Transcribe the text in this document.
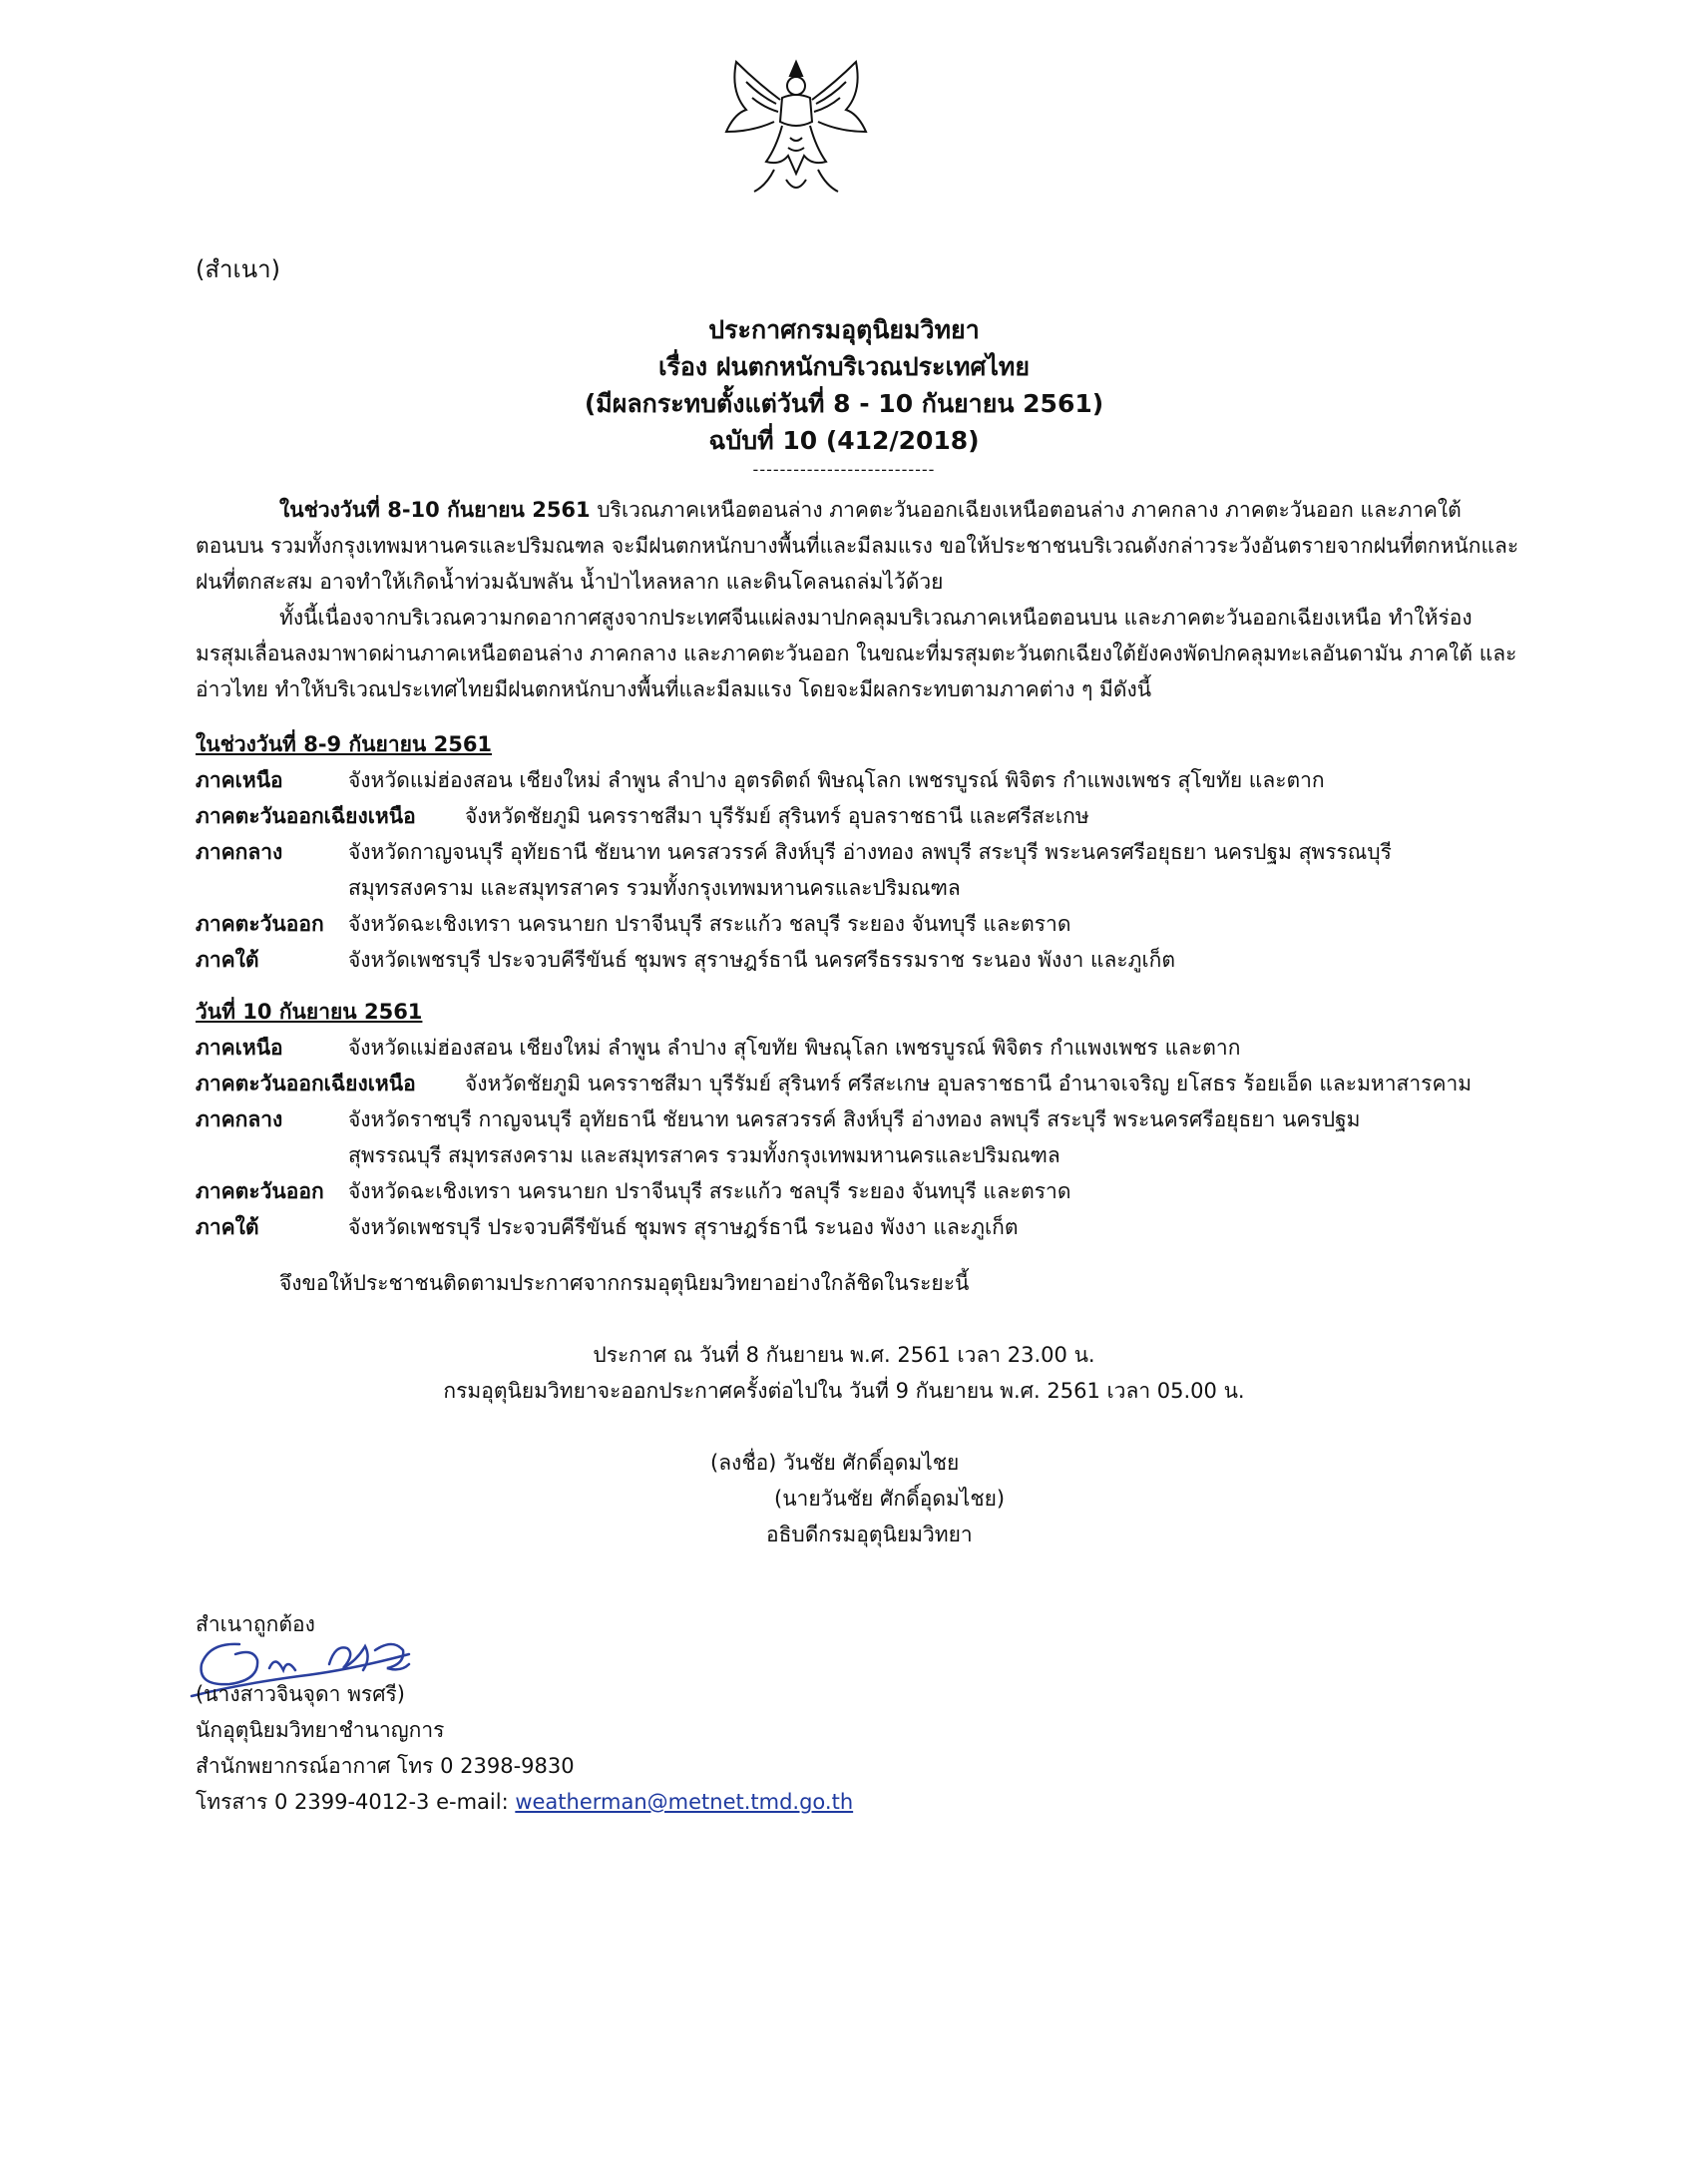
(สำเนา)
ประกาศกรมอุตุนิยมวิทยา
เรื่อง ฝนตกหนักบริเวณประเทศไทย
(มีผลกระทบตั้งแต่วันที่ 8 - 10 กันยายน 2561)
ฉบับที่ 10 (412/2018)
---------------------------
ในช่วงวันที่ 8-10 กันยายน 2561 บริเวณภาคเหนือตอนล่าง ภาคตะวันออกเฉียงเหนือตอนล่าง ภาคกลาง ภาคตะวันออก และภาคใต้
ตอนบน รวมทั้งกรุงเทพมหานครและปริมณฑล จะมีฝนตกหนักบางพื้นที่และมีลมแรง ขอให้ประชาชนบริเวณดังกล่าวระวังอันตรายจากฝนที่ตกหนักและ
ฝนที่ตกสะสม อาจทำให้เกิดน้ำท่วมฉับพลัน น้ำป่าไหลหลาก และดินโคลนถล่มไว้ด้วย
ทั้งนี้เนื่องจากบริเวณความกดอากาศสูงจากประเทศจีนแผ่ลงมาปกคลุมบริเวณภาคเหนือตอนบน และภาคตะวันออกเฉียงเหนือ ทำให้ร่อง
มรสุมเลื่อนลงมาพาดผ่านภาคเหนือตอนล่าง ภาคกลาง และภาคตะวันออก ในขณะที่มรสุมตะวันตกเฉียงใต้ยังคงพัดปกคลุมทะเลอันดามัน ภาคใต้ และ
อ่าวไทย ทำให้บริเวณประเทศไทยมีฝนตกหนักบางพื้นที่และมีลมแรง โดยจะมีผลกระทบตามภาคต่าง ๆ มีดังนี้
ในช่วงวันที่ 8-9 กันยายน 2561
ภาคเหนือ	จังหวัดแม่ฮ่องสอน เชียงใหม่ ลำพูน ลำปาง อุตรดิตถ์ พิษณุโลก เพชรบูรณ์ พิจิตร กำแพงเพชร สุโขทัย และตาก
ภาคตะวันออกเฉียงเหนือ จังหวัดชัยภูมิ นครราชสีมา บุรีรัมย์ สุรินทร์ อุบลราชธานี และศรีสะเกษ
ภาคกลาง	จังหวัดกาญจนบุรี อุทัยธานี ชัยนาท นครสวรรค์ สิงห์บุรี อ่างทอง ลพบุรี สระบุรี พระนครศรีอยุธยา นครปฐม สุพรรณบุรี
สมุทรสงคราม และสมุทรสาคร รวมทั้งกรุงเทพมหานครและปริมณฑล
ภาคตะวันออก จังหวัดฉะเชิงเทรา นครนายก ปราจีนบุรี สระแก้ว ชลบุรี ระยอง จันทบุรี และตราด
ภาคใต้	จังหวัดเพชรบุรี ประจวบคีรีขันธ์ ชุมพร สุราษฎร์ธานี นครศรีธรรมราช ระนอง พังงา และภูเก็ต
วันที่ 10 กันยายน 2561
ภาคเหนือ	จังหวัดแม่ฮ่องสอน เชียงใหม่ ลำพูน ลำปาง สุโขทัย พิษณุโลก เพชรบูรณ์ พิจิตร กำแพงเพชร และตาก
ภาคตะวันออกเฉียงเหนือ จังหวัดชัยภูมิ นครราชสีมา บุรีรัมย์ สุรินทร์ ศรีสะเกษ อุบลราชธานี อำนาจเจริญ ยโสธร ร้อยเอ็ด และมหาสารคาม
ภาคกลาง	จังหวัดราชบุรี กาญจนบุรี อุทัยธานี ชัยนาท นครสวรรค์ สิงห์บุรี อ่างทอง ลพบุรี สระบุรี พระนครศรีอยุธยา นครปฐม
สุพรรณบุรี สมุทรสงคราม และสมุทรสาคร รวมทั้งกรุงเทพมหานครและปริมณฑล
ภาคตะวันออก จังหวัดฉะเชิงเทรา นครนายก ปราจีนบุรี สระแก้ว ชลบุรี ระยอง จันทบุรี และตราด
ภาคใต้	จังหวัดเพชรบุรี ประจวบคีรีขันธ์ ชุมพร สุราษฎร์ธานี ระนอง พังงา และภูเก็ต
จึงขอให้ประชาชนติดตามประกาศจากกรมอุตุนิยมวิทยาอย่างใกล้ชิดในระยะนี้
ประกาศ ณ วันที่ 8 กันยายน พ.ศ. 2561 เวลา 23.00 น.
กรมอุตุนิยมวิทยาจะออกประกาศครั้งต่อไปใน วันที่ 9 กันยายน พ.ศ. 2561 เวลา 05.00 น.
(ลงชื่อ) วันชัย ศักดิ์อุดมไชย
(นายวันชัย ศักดิ์อุดมไชย)
อธิบดีกรมอุตุนิยมวิทยา
สำเนาถูกต้อง
(นางสาวจินจุดา พรศรี)
นักอุตุนิยมวิทยาชำนาญการ
สำนักพยากรณ์อากาศ โทร 0 2398-9830
โทรสาร 0 2399-4012-3 e-mail: weatherman@metnet.tmd.go.th
